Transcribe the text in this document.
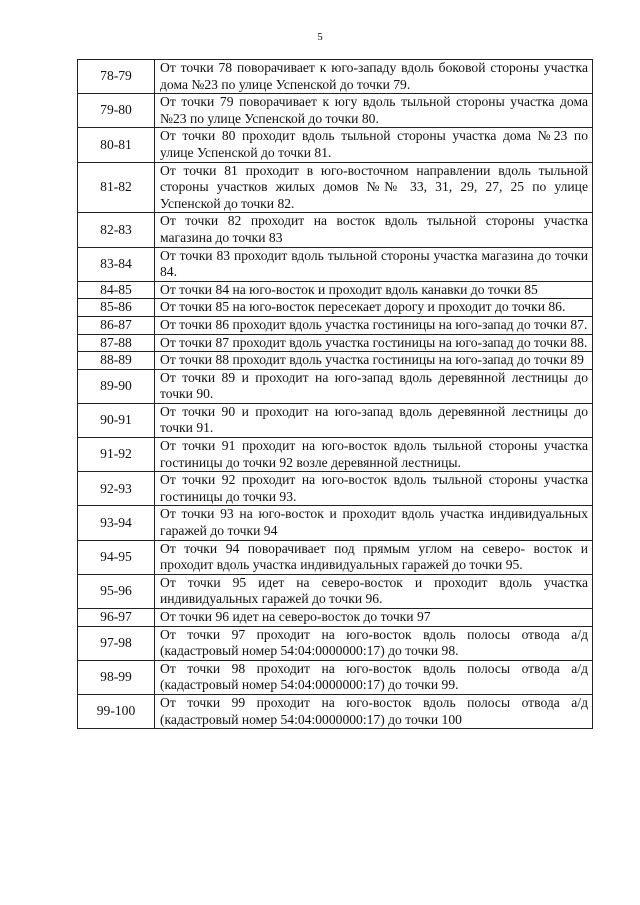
5
78-79	От точки 78 поворачивает к юго-западу вдоль боковой стороны участка дома №23 по улице Успенской до точки 79.
79-80	От точки 79 поворачивает к югу вдоль тыльной стороны участка дома №23 по улице Успенской до точки 80.
80-81	От точки 80 проходит вдоль тыльной стороны участка дома №23 по улице Успенской до точки 81.
81-82	От точки 81 проходит в юго-восточном направлении вдоль тыльной стороны участков жилых домов №№ 33, 31, 29, 27, 25 по улице Успенской до точки 82.
82-83	От точки 82 проходит на восток вдоль тыльной стороны участка магазина до точки 83
83-84	От точки 83 проходит вдоль тыльной стороны участка магазина до точки 84.
84-85	От точки 84 на юго-восток и проходит вдоль канавки до точки 85
85-86	От точки 85 на юго-восток пересекает дорогу и проходит до точки 86.
86-87	От точки 86 проходит вдоль участка гостиницы на юго-запад до точки 87.
87-88	От точки 87 проходит вдоль участка гостиницы на юго-запад до точки 88.
88-89	От точки 88 проходит вдоль участка гостиницы на юго-запад до точки 89
89-90	От точки 89 и проходит на юго-запад вдоль деревянной лестницы до точки 90.
90-91	От точки 90 и проходит на юго-запад вдоль деревянной лестницы до точки 91.
91-92	От точки 91 проходит на юго-восток вдоль тыльной стороны участка гостиницы до точки 92 возле деревянной лестницы.
92-93	От точки 92 проходит на юго-восток вдоль тыльной стороны участка гостиницы до точки 93.
93-94	От точки 93 на юго-восток и проходит вдоль участка индивидуальных гаражей до точки 94
94-95	От точки 94 поворачивает под прямым углом на северо- восток и проходит вдоль участка индивидуальных гаражей до точки 95.
95-96	От точки 95 идет на северо-восток и проходит вдоль участка индивидуальных гаражей до точки 96.
96-97	От точки 96 идет на северо-восток до точки 97
97-98	От точки 97 проходит на юго-восток вдоль полосы отвода а/д (кадастровый номер 54:04:0000000:17) до точки 98.
98-99	От точки 98 проходит на юго-восток вдоль полосы отвода а/д (кадастровый номер 54:04:0000000:17) до точки 99.
99-100	От точки 99 проходит на юго-восток вдоль полосы отвода а/д (кадастровый номер 54:04:0000000:17) до точки 100
